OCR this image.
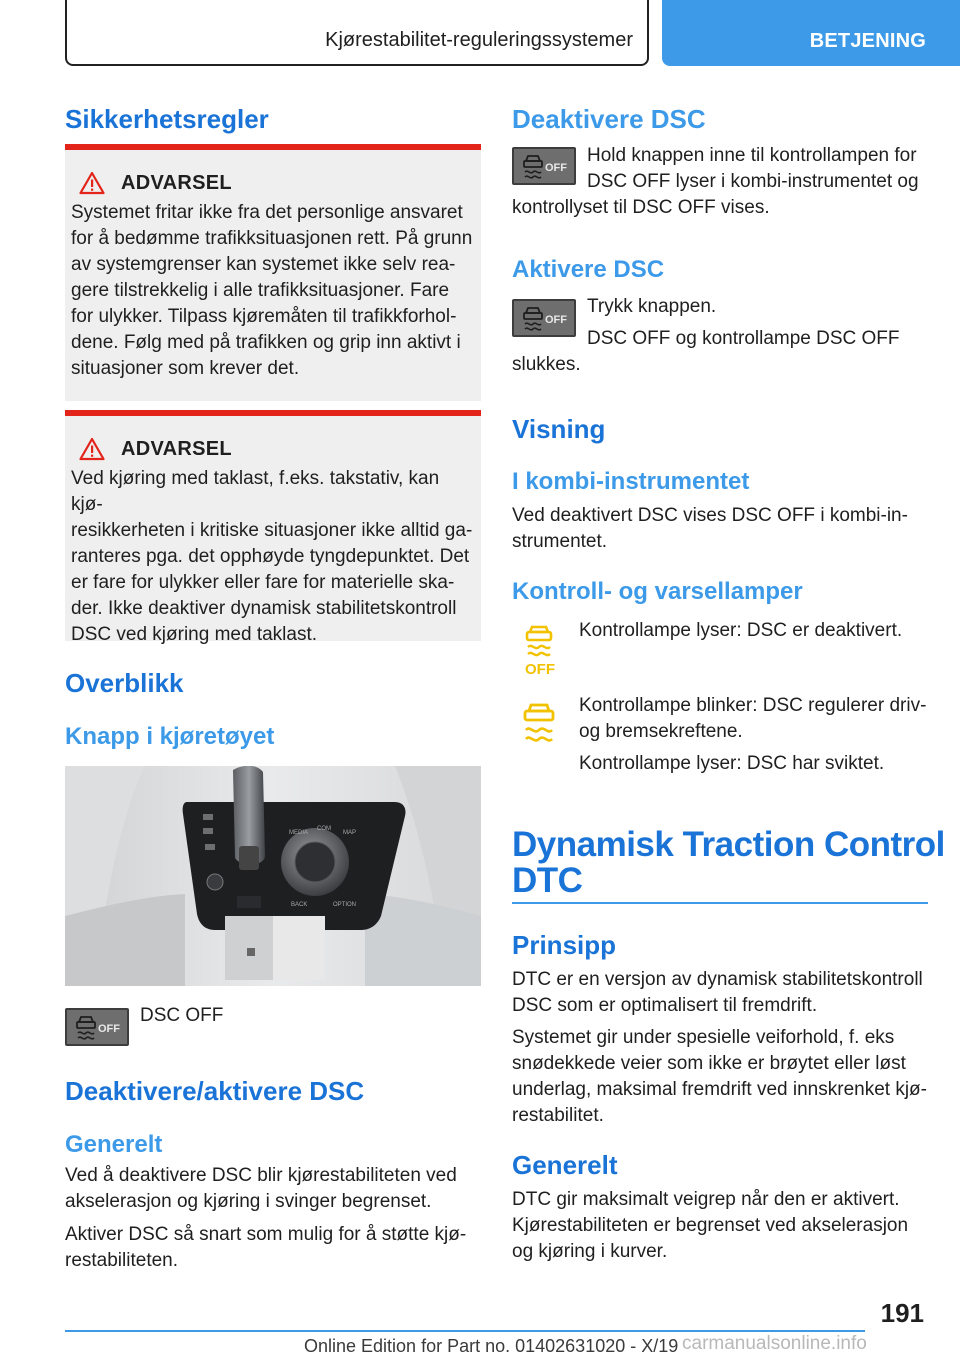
Kjørestabilitet-reguleringssystemer	BETJENING
Sikkerhetsregler
ADVARSEL
Systemet fritar ikke fra det personlige ansvaret
for å bedømme trafikksituasjonen rett. På grunn
av systemgrenser kan systemet ikke selv rea-
gere tilstrekkelig i alle trafikksituasjoner. Fare
for ulykker. Tilpass kjøremåten til trafikkforhol-
dene. Følg med på trafikken og grip inn aktivt i
situasjoner som krever det.
ADVARSEL
Ved kjøring med taklast, f.eks. takstativ, kan kjø-
resikkerheten i kritiske situasjoner ikke alltid ga-
ranteres pga. det opphøyde tyngdepunktet. Det
er fare for ulykker eller fare for materielle ska-
der. Ikke deaktiver dynamisk stabilitetskontroll
DSC ved kjøring med taklast.
Overblikk
Knapp i kjøretøyet
MEDIA
COM
MAP
BACK	OPTION
OFF
DSC OFF
Deaktivere/aktivere DSC
Generelt
Ved å deaktivere DSC blir kjørestabiliteten ved
akselerasjon og kjøring i svinger begrenset.
Aktiver DSC så snart som mulig for å støtte kjø-
restabiliteten.
Deaktivere DSC
OFF
Hold knappen inne til kontrollampen for
DSC OFF lyser i kombi-instrumentet og
kontrollyset til DSC OFF vises.
Aktivere DSC
OFF
Trykk knappen.
DSC OFF og kontrollampe DSC OFF
slukkes.
Visning
I kombi-instrumentet
Ved deaktivert DSC vises DSC OFF i kombi-in-
strumentet.
Kontroll- og varsellamper
OFF
Kontrollampe lyser: DSC er deaktivert.
Kontrollampe blinker: DSC regulerer driv-
og bremsekreftene.
Kontrollampe lyser: DSC har sviktet.
Dynamisk Traction Control
DTC
Prinsipp
DTC er en versjon av dynamisk stabilitetskontroll
DSC som er optimalisert til fremdrift.
Systemet gir under spesielle veiforhold, f. eks
snødekkede veier som ikke er brøytet eller løst
underlag, maksimal fremdrift ved innskrenket kjø-
restabilitet.
Generelt
DTC gir maksimalt veigrep når den er aktivert.
Kjørestabiliteten er begrenset ved akselerasjon
og kjøring i kurver.
191
Online Edition for Part no. 01402631020 - X/19 carmanualsonline.info
